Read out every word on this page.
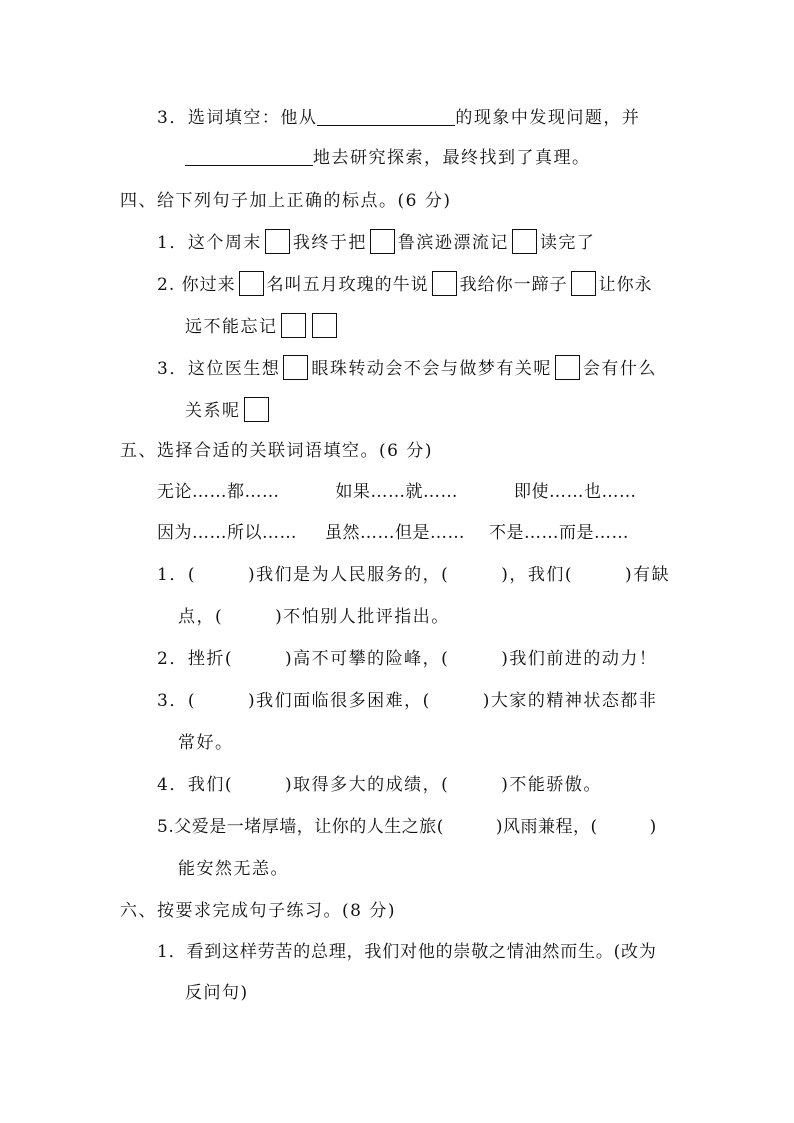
3．选词填空：他从	的现象中发现问题，并
地去研究探索，最终找到了真理。
四、给下列句子加上正确的标点。(6 分)
1．这个周末 我终于把 鲁滨逊漂流记 读完了
2. 你过来 名叫五月玫瑰的牛说 我给你一蹄子 让你永
远不能忘记
3．这位医生想 眼珠转动会不会与做梦有关呢 会有什么
关系呢
五、选择合适的关联词语填空。(6 分)
无论……都……	如果……就……	即使……也……
因为……所以…… 虽然……但是…… 不是……而是……
1．(	)我们是为人民服务的，(	)，我们(	)有缺
点，(	)不怕别人批评指出。
2．挫折(	)高不可攀的险峰，(	)我们前进的动力！
3．(	)我们面临很多困难，(	)大家的精神状态都非
常好。
4．我们(	)取得多大的成绩，(	)不能骄傲。
5.父爱是一堵厚墙，让你的人生之旅(	)风雨兼程，(	)
能安然无恙。
六、按要求完成句子练习。(8 分)
1．看到这样劳苦的总理，我们对他的崇敬之情油然而生。(改为
反问句)
